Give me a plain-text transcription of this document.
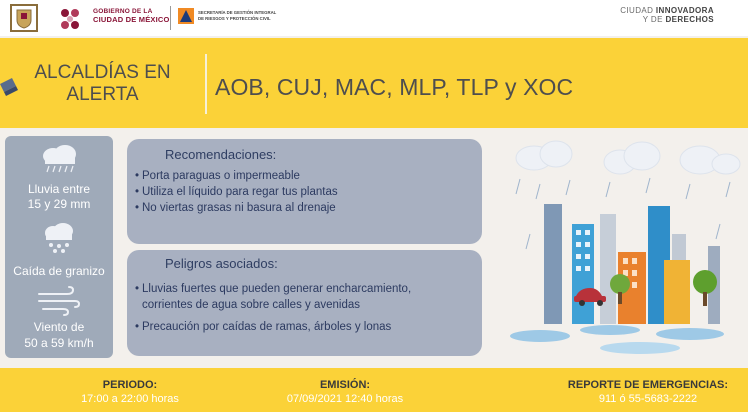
GOBIERNO DE LA
CIUDAD DE MÉXICO
SECRETARÍA DE GESTIÓN INTEGRAL
DE RIESGOS Y PROTECCIÓN CIVIL
CIUDAD INNOVADORA
Y DE DERECHOS
ALCALDÍAS EN
ALERTA	AOB, CUJ, MAC, MLP, TLP y XOC
Lluvia entre
15 y 29 mm
Caída de granizo
Viento de
50 a 59 km/h
Recomendaciones:
• Porta paraguas o impermeable
• Utiliza el líquido para regar tus plantas
• No viertas grasas ni basura al drenaje
Peligros asociados:
• Lluvias fuertes que pueden generar encharcamiento,
corrientes de agua sobre calles y avenidas
• Precaución por caídas de ramas, árboles y lonas
PERIODO:
17:00 a 22:00 horas
EMISIÓN:
07/09/2021 12:40 horas
REPORTE DE EMERGENCIAS:
911 ó 55-5683-2222
